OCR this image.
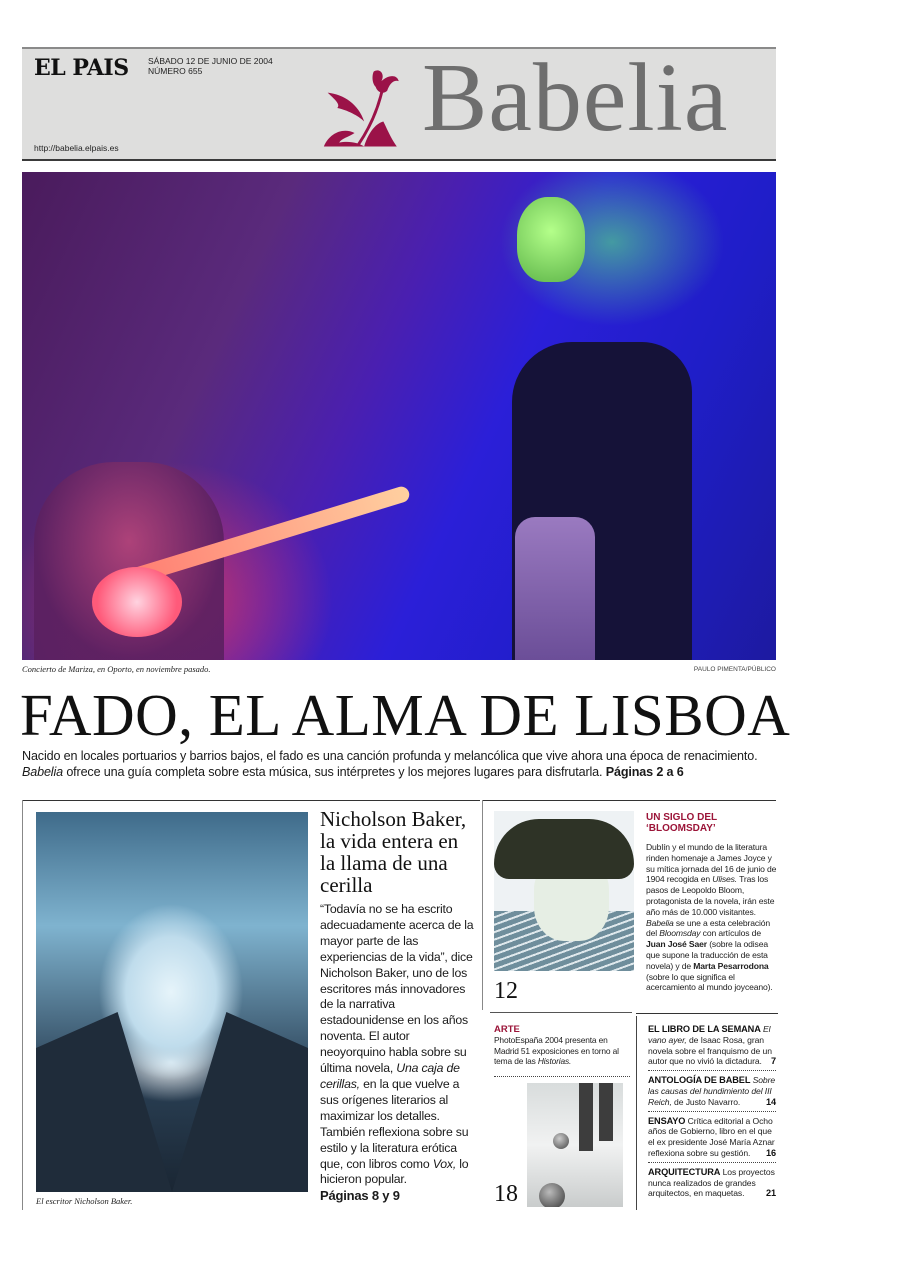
EL PAIS SÁBADO 12 DE JUNIO DE 2004
NÚMERO 655
http://babelia.elpais.es	Babelia
Concierto de Mariza, en Oporto, en noviembre pasado.	PAULO PIMENTA/PÚBLICO
FADO, EL ALMA DE LISBOA

Nacido en locales portuarios y barrios bajos, el fado es una canción profunda y melancólica que vive ahora una época de renacimiento. Babelia ofrece una guía completa sobre esta música, sus intérpretes y los mejores lugares para disfrutarla. Páginas 2 a 6

El escritor Nicholson Baker.
Nicholson Baker, la vida entera en la llama de una cerilla

“Todavía no se ha escrito adecuadamente acerca de la mayor parte de las experiencias de la vida”, dice Nicholson Baker, uno de los escritores más innovadores de la narrativa estadounidense en los años noventa. El autor neoyorquino habla sobre su última novela, Una caja de cerillas, en la que vuelve a sus orígenes literarios al maximizar los detalles. También reflexiona sobre su estilo y la literatura erótica que, con libros como Vox, lo hicieron popular.
Páginas 8 y 9

12
UN SIGLO DEL
‘BLOOMSDAY’

Dublín y el mundo de la literatura rinden homenaje a James Joyce y su mítica jornada del 16 de junio de 1904 recogida en Ulises. Tras los pasos de Leopoldo Bloom, protagonista de la novela, irán este año más de 10.000 visitantes. Babelia se une a esta celebración del Bloomsday con artículos de Juan José Saer (sobre la odisea que supone la traducción de esta novela) y de Marta Pesarrodona (sobre lo que significa el acercamiento al mundo joyceano).

ARTE

PhotoEspaña 2004 presenta en Madrid 51 exposiciones en torno al tema de las Historias.

18
EL LIBRO DE LA SEMANA El vano ayer, de Isaac Rosa, gran novela sobre el franquismo de un autor que no vivió la dictadura. 7
ANTOLOGÍA DE BABEL Sobre las causas del hundimiento del III Reich, de Justo Navarro.	14
ENSAYO Crítica editorial a Ocho años de Gobierno, libro en el que el ex presidente José María Aznar reflexiona sobre su gestión. 16
ARQUITECTURA Los proyectos nunca realizados de grandes arquitectos, en maquetas. 21
